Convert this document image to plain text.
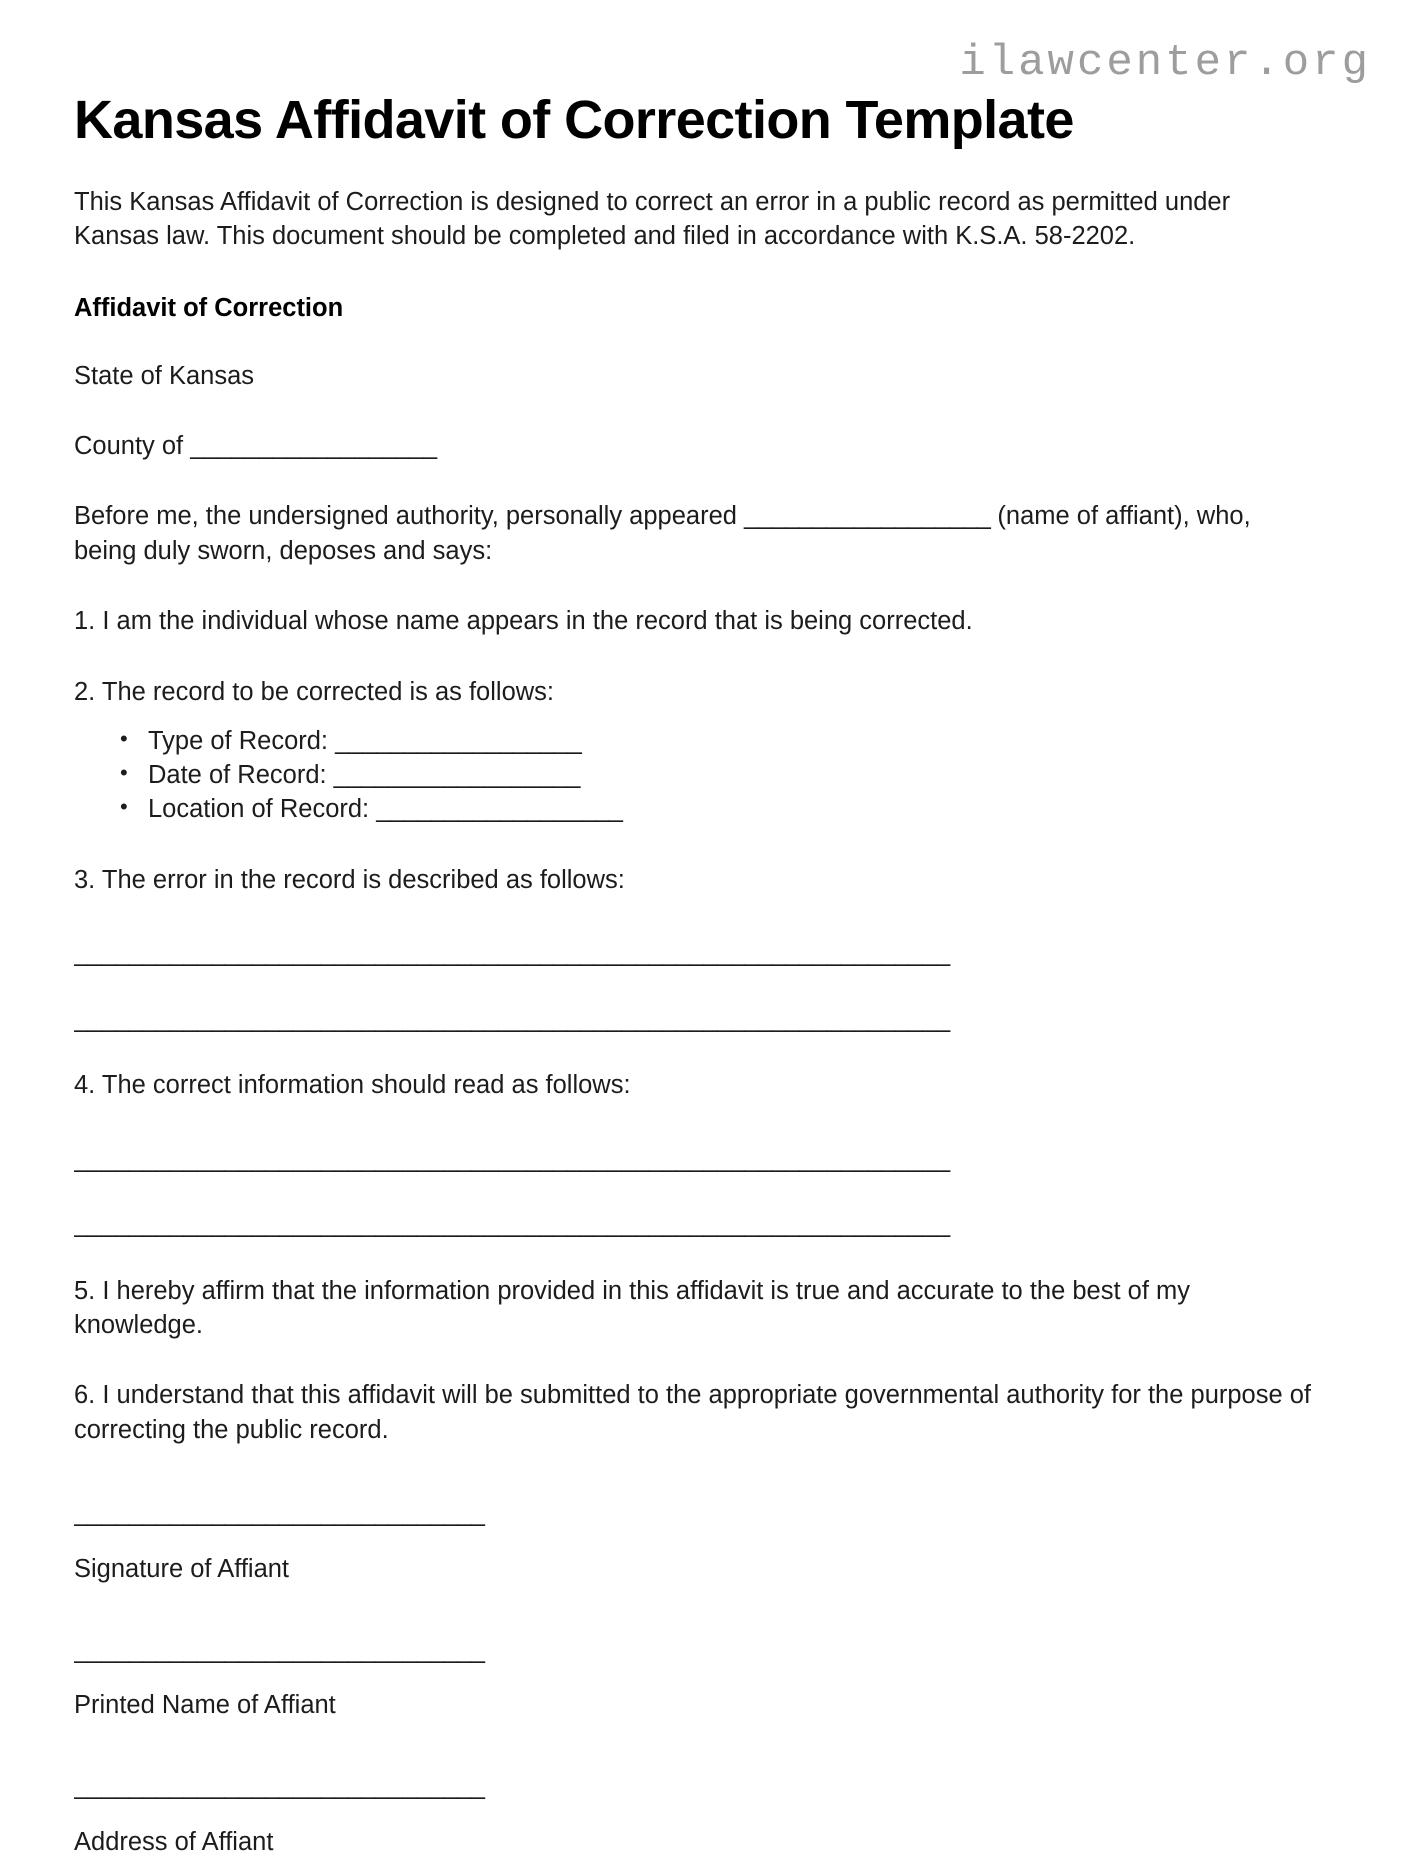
ilawcenter.org
Kansas Affidavit of Correction Template

This Kansas Affidavit of Correction is designed to correct an error in a public record as permitted under Kansas law. This document should be completed and filed in accordance with K.S.A. 58-2202.

Affidavit of Correction

State of Kansas

County of __________________

Before me, the undersigned authority, personally appeared __________________ (name of affiant), who, being duly sworn, deposes and says:

1. I am the individual whose name appears in the record that is being corrected.

2. The record to be corrected is as follows:

• Type of Record: __________________
• Date of Record: __________________
• Location of Record: __________________

3. The error in the record is described as follows:

________________________________________________________________

________________________________________________________________

4. The correct information should read as follows:

________________________________________________________________

________________________________________________________________

5. I hereby affirm that the information provided in this affidavit is true and accurate to the best of my knowledge.

6. I understand that this affidavit will be submitted to the appropriate governmental authority for the purpose of correcting the public record.

______________________________

Signature of Affiant

______________________________

Printed Name of Affiant

______________________________

Address of Affiant
